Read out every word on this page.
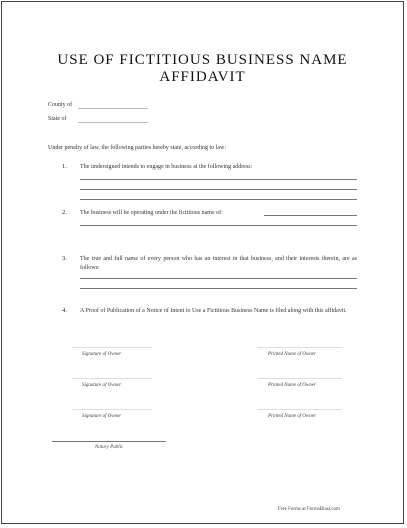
USE OF FICTITIOUS BUSINESS NAME
AFFIDAVIT
County of
State of
Under penalty of law, the following parties hereby state, according to law:
1. The undersigned intends to engage in business at the following address:
2. The business will be operating under the fictitious name of:
3. The true and full name of every person who has an interest in that business, and their interests therein, are as follows:
4. A Proof of Publication of a Notice of Intent to Use a Fictitious Business Name is filed along with this affidavit.
Signature of Owner	Printed Name of Owner
Signature of Owner	Printed Name of Owner
Signature of Owner	Printed Name of Owner
Notary Public
Free Forms at FormsBlast.com
